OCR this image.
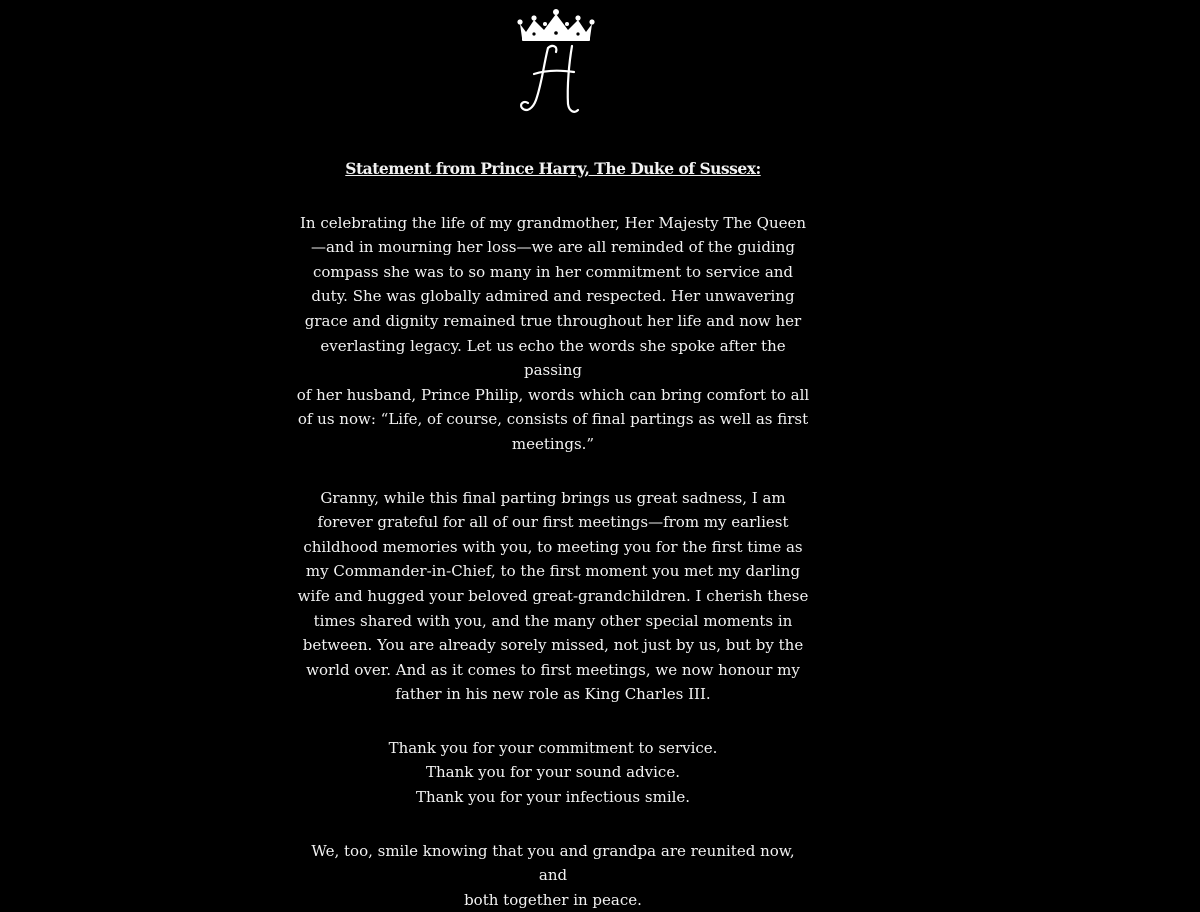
Statement from Prince Harry, The Duke of Sussex:
In celebrating the life of my grandmother, Her Majesty The Queen
—and in mourning her loss—we are all reminded of the guiding
compass she was to so many in her commitment to service and
duty. She was globally admired and respected. Her unwavering
grace and dignity remained true throughout her life and now her
everlasting legacy. Let us echo the words she spoke after the passing
of her husband, Prince Philip, words which can bring comfort to all
of us now: “Life, of course, consists of final partings as well as first
meetings.”
Granny, while this final parting brings us great sadness, I am
forever grateful for all of our first meetings—from my earliest
childhood memories with you, to meeting you for the first time as
my Commander-in-Chief, to the first moment you met my darling
wife and hugged your beloved great-grandchildren. I cherish these
times shared with you, and the many other special moments in
between. You are already sorely missed, not just by us, but by the
world over. And as it comes to first meetings, we now honour my
father in his new role as King Charles III.
Thank you for your commitment to service.
Thank you for your sound advice.
Thank you for your infectious smile.
We, too, smile knowing that you and grandpa are reunited now, and
both together in peace.
